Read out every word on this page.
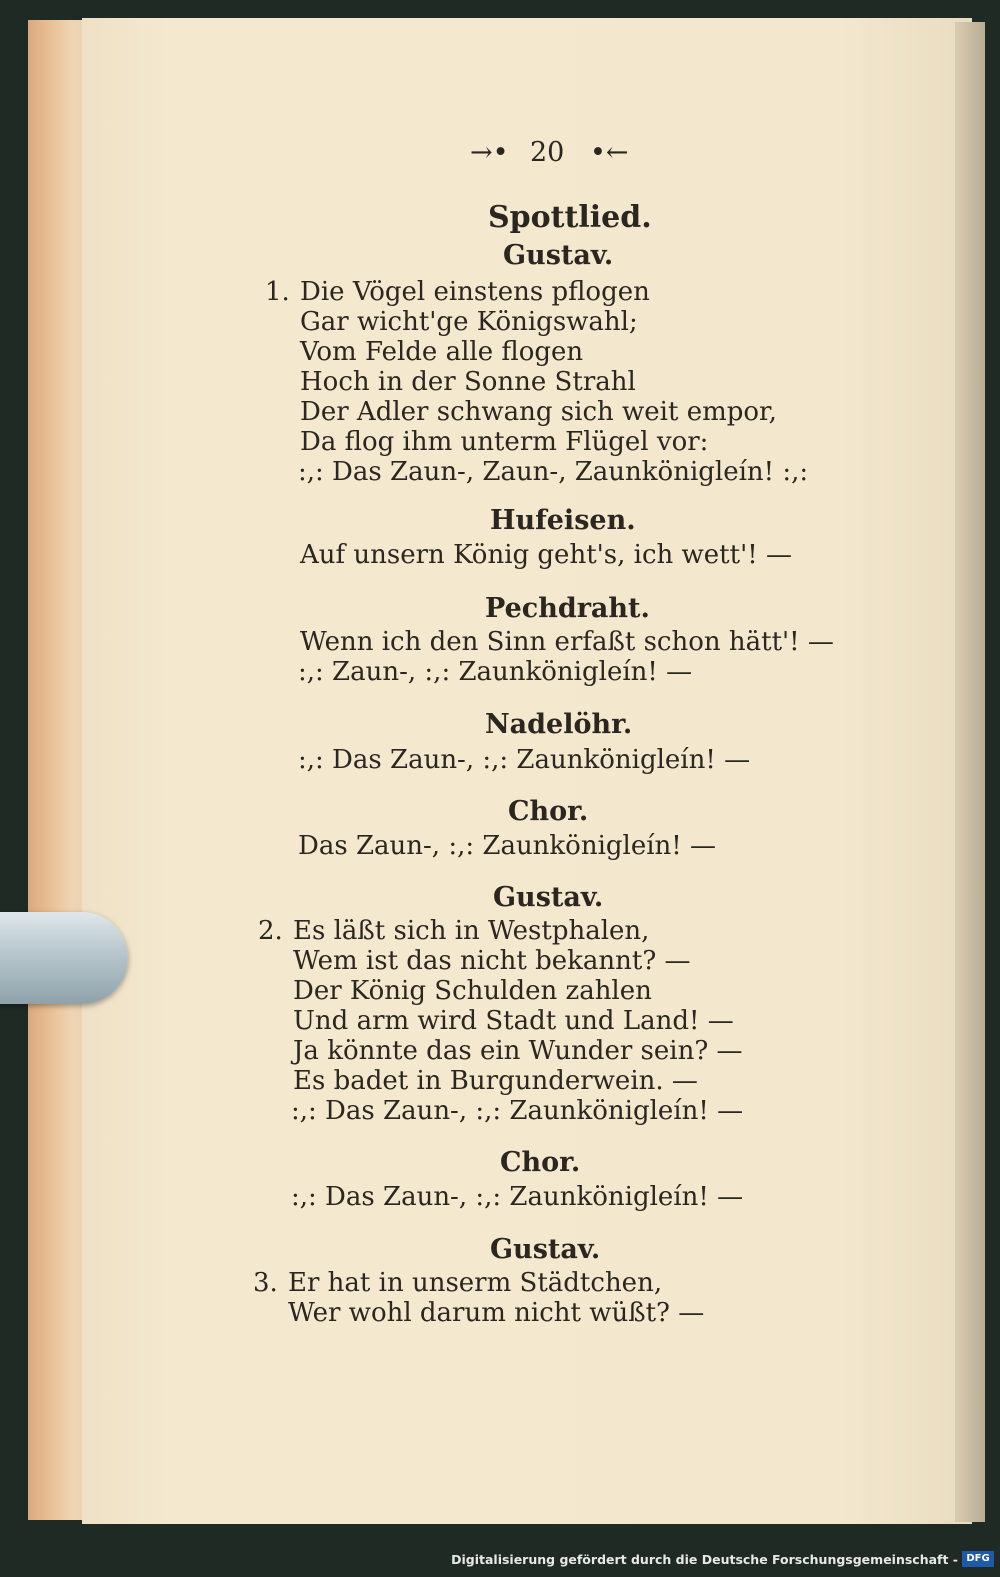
→• 20 •←
Spottlied.
Gustav.
1. Die Vögel einstens pflogen
Gar wicht'ge Königswahl;
Vom Felde alle flogen
Hoch in der Sonne Strahl
Der Adler schwang sich weit empor,
Da flog ihm unterm Flügel vor:
:,: Das Zaun-, Zaun-, Zaunkönigleín! :,:
Hufeisen.
Auf unsern König geht's, ich wett'! —
Pechdraht.
Wenn ich den Sinn erfaßt schon hätt'! —
:,: Zaun-, :,: Zaunkönigleín! —
Nadelöhr.
:,: Das Zaun-, :,: Zaunkönigleín! —
Chor.
Das Zaun-, :,: Zaunkönigleín! —
Gustav.
2. Es läßt sich in Westphalen,
Wem ist das nicht bekannt? —
Der König Schulden zahlen
Und arm wird Stadt und Land! —
Ja könnte das ein Wunder sein? —
Es badet in Burgunderwein. —
:,: Das Zaun-, :,: Zaunkönigleín! —
Chor.
:,: Das Zaun-, :,: Zaunkönigleín! —
Gustav.
3. Er hat in unserm Städtchen,
Wer wohl darum nicht wüßt? —
Digitalisierung gefördert durch die Deutsche Forschungsgemeinschaft - DFG
